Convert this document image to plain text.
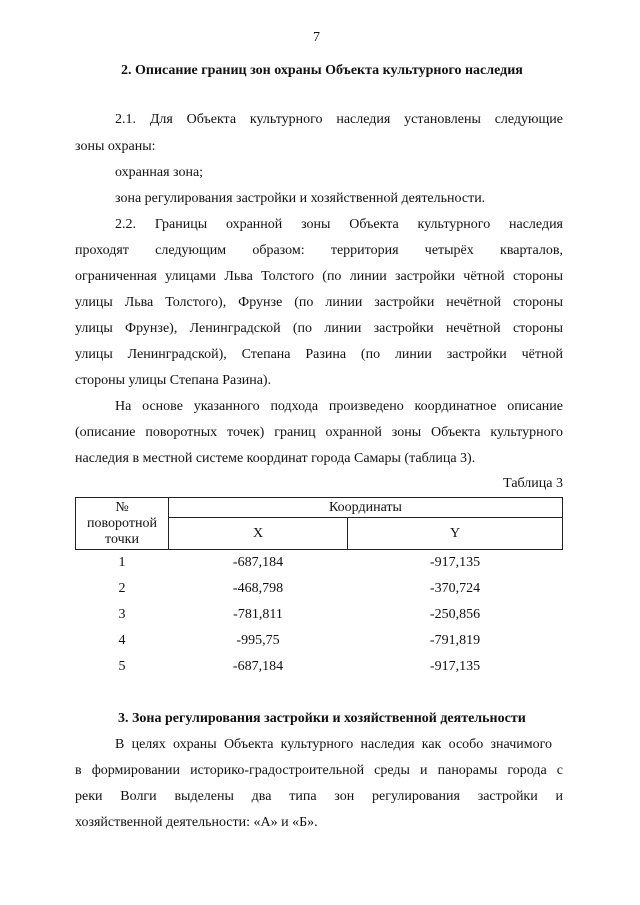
7
2. Описание границ зон охраны Объекта культурного наследия
2.1. Для Объекта культурного наследия установлены следующие
зоны охраны:
охранная зона;
зона регулирования застройки и хозяйственной деятельности.
2.2. Границы охранной зоны Объекта культурного наследия
проходят следующим образом: территория четырёх кварталов,
ограниченная улицами Льва Толстого (по линии застройки чётной стороны
улицы Льва Толстого), Фрунзе (по линии застройки нечётной стороны
улицы Фрунзе), Ленинградской (по линии застройки нечётной стороны
улицы Ленинградской), Степана Разина (по линии застройки чётной
стороны улицы Степана Разина).
На основе указанного подхода произведено координатное описание
(описание поворотных точек) границ охранной зоны Объекта культурного
наследия в местной системе координат города Самары (таблица 3).
Таблица 3
№
поворотной точки	Координаты	
	X	Y
1	-687,184	-917,135
2	-468,798	-370,724
3	-781,811	-250,856
4	-995,75	-791,819
5	-687,184	-917,135
3. Зона регулирования застройки и хозяйственной деятельности
В целях охраны Объекта культурного наследия как особо значимого
в формировании историко-градостроительной среды и панорамы города с
реки Волги выделены два типа зон регулирования застройки и
хозяйственной деятельности: «А» и «Б».
